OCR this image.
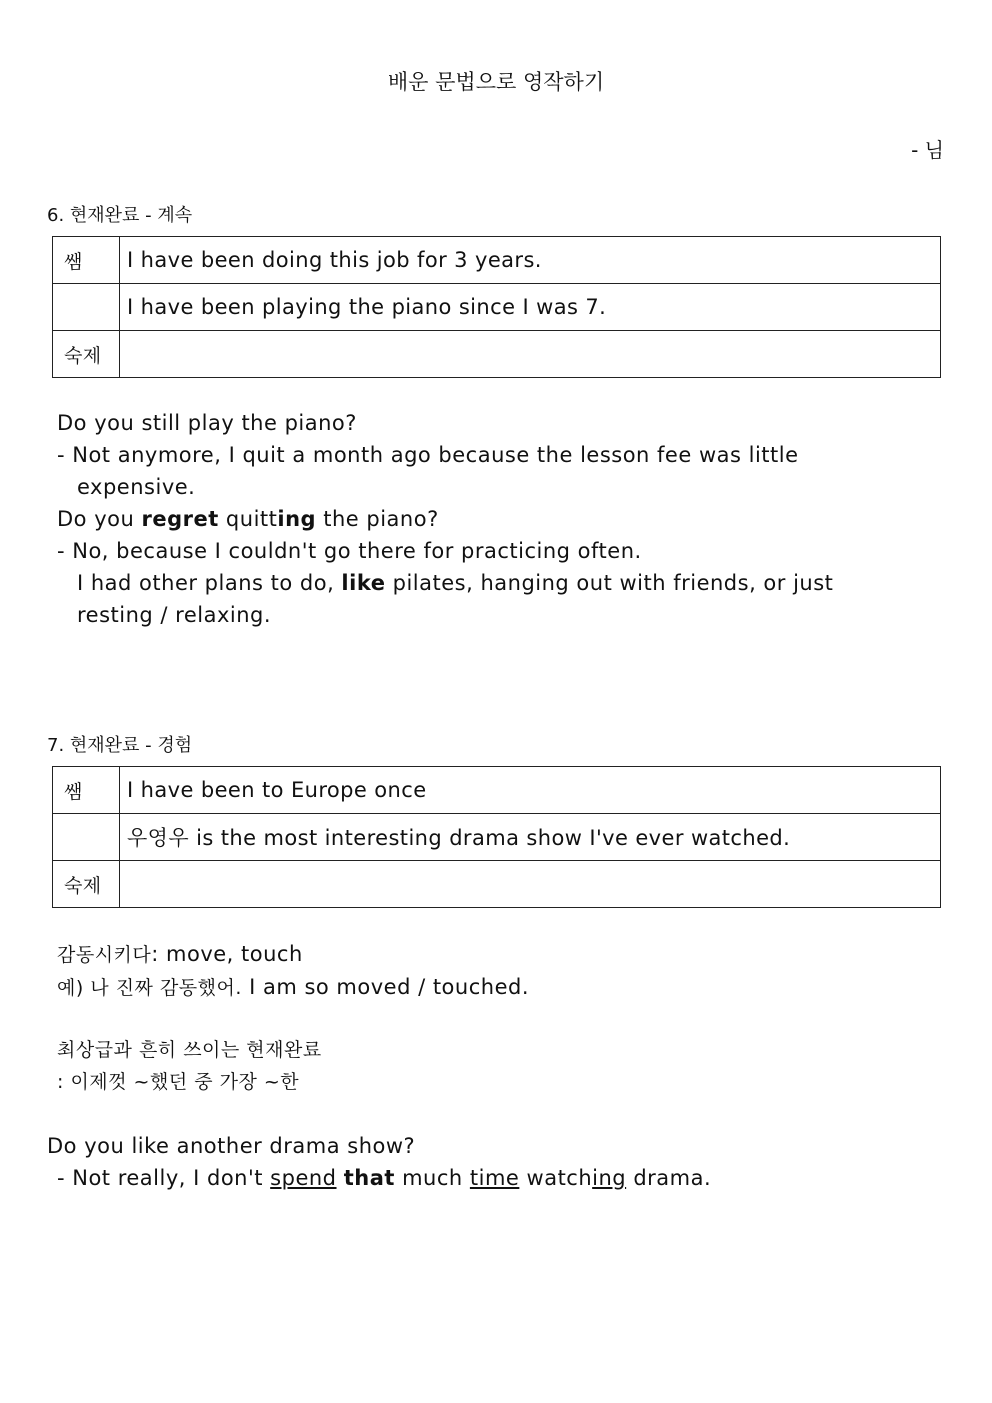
배운 문법으로 영작하기
- 님
6. 현재완료 - 계속
쌤	I have been doing this job for 3 years.
	I have been playing the piano since I was 7.
숙제	
Do you still play the piano?
- Not anymore, I quit a month ago because the lesson fee was little
expensive.
Do you regret quitting the piano?
- No, because I couldn't go there for practicing often.
I had other plans to do, like pilates, hanging out with friends, or just
resting / relaxing.
7. 현재완료 - 경험
쌤	I have been to Europe once
	우영우 is the most interesting drama show I've ever watched.
숙제	
감동시키다: move, touch
예) 나 진짜 감동했어. I am so moved / touched.
최상급과 흔히 쓰이는 현재완료
: 이제껏 ~했던 중 가장 ~한
Do you like another drama show?
- Not really, I don't spend that much time watching drama.
